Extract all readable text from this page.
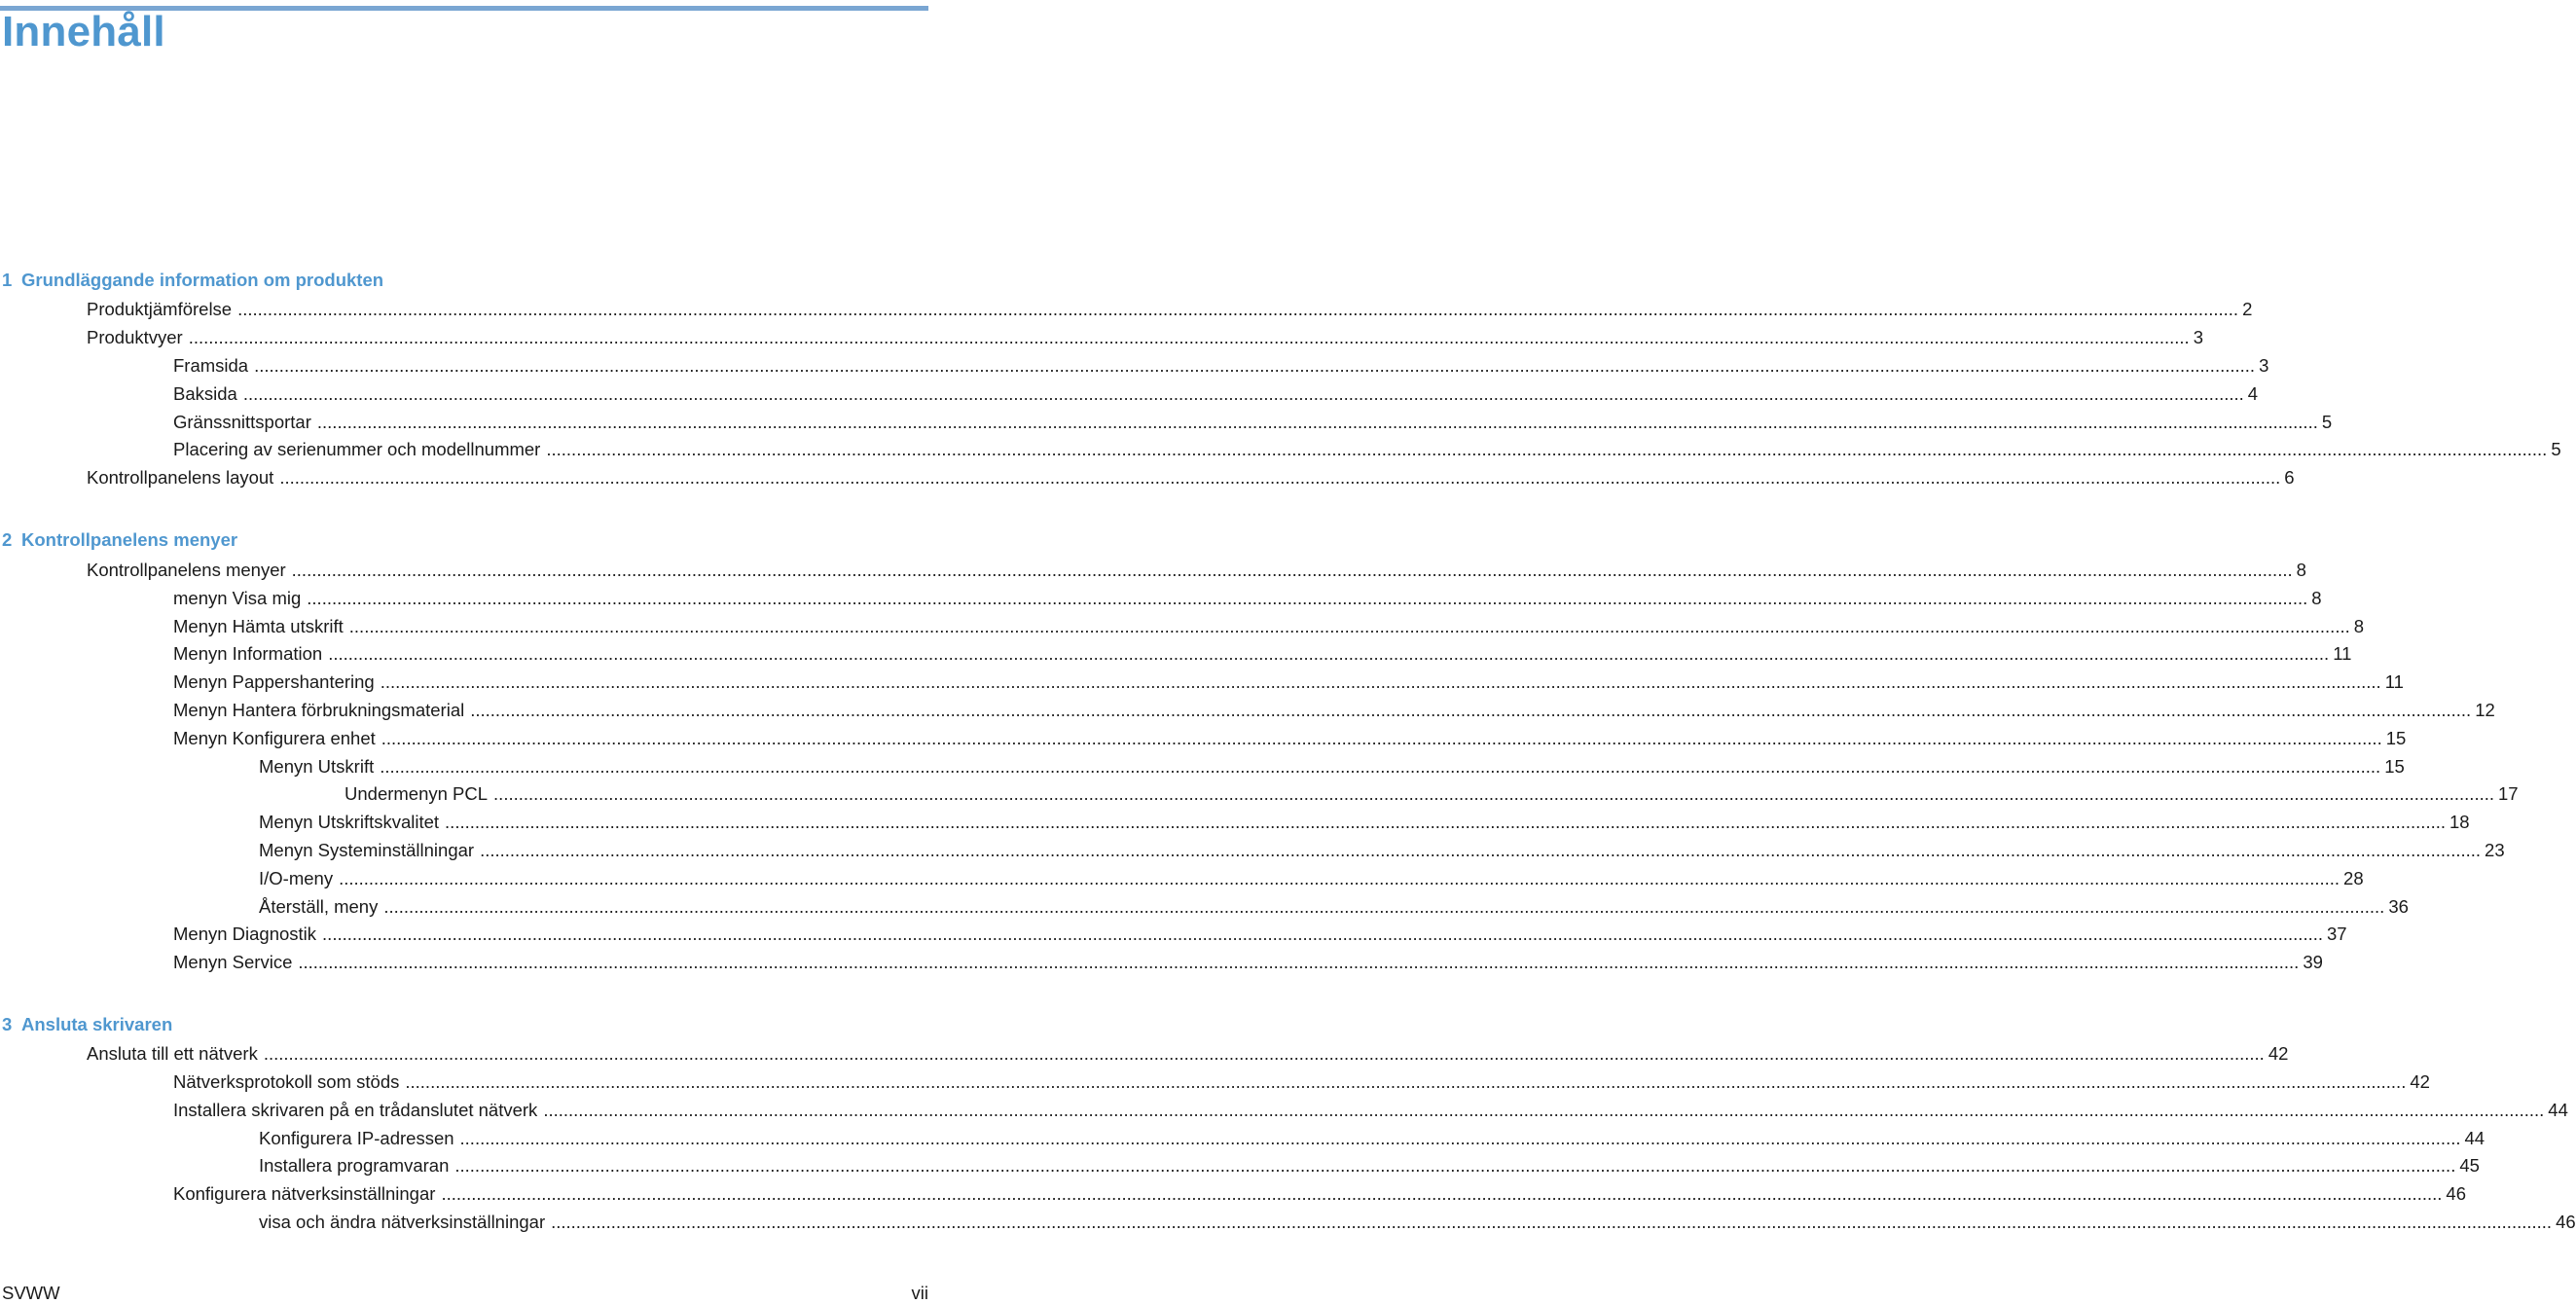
Innehåll
1 Grundläggande information om produkten
Produktjämförelse ................................................................................................................................................................................................................................................................................................................................................................................................................ 2
Produktvyer ................................................................................................................................................................................................................................................................................................................................................................................................................ 3
Framsida ................................................................................................................................................................................................................................................................................................................................................................................................................ 3
Baksida ................................................................................................................................................................................................................................................................................................................................................................................................................ 4
Gränssnittsportar ................................................................................................................................................................................................................................................................................................................................................................................................................ 5
Placering av serienummer och modellnummer ................................................................................................................................................................................................................................................................................................................................................................................................................ 5
Kontrollpanelens layout ................................................................................................................................................................................................................................................................................................................................................................................................................ 6
2 Kontrollpanelens menyer
Kontrollpanelens menyer ................................................................................................................................................................................................................................................................................................................................................................................................................ 8
menyn Visa mig ................................................................................................................................................................................................................................................................................................................................................................................................................ 8
Menyn Hämta utskrift ................................................................................................................................................................................................................................................................................................................................................................................................................ 8
Menyn Information ................................................................................................................................................................................................................................................................................................................................................................................................................ 11
Menyn Pappershantering ................................................................................................................................................................................................................................................................................................................................................................................................................ 11
Menyn Hantera förbrukningsmaterial ................................................................................................................................................................................................................................................................................................................................................................................................................ 12
Menyn Konfigurera enhet ................................................................................................................................................................................................................................................................................................................................................................................................................ 15
Menyn Utskrift ................................................................................................................................................................................................................................................................................................................................................................................................................ 15
Undermenyn PCL ................................................................................................................................................................................................................................................................................................................................................................................................................ 17
Menyn Utskriftskvalitet ................................................................................................................................................................................................................................................................................................................................................................................................................ 18
Menyn Systeminställningar ................................................................................................................................................................................................................................................................................................................................................................................................................ 23
I/O-meny ................................................................................................................................................................................................................................................................................................................................................................................................................ 28
Återställ, meny ................................................................................................................................................................................................................................................................................................................................................................................................................ 36
Menyn Diagnostik ................................................................................................................................................................................................................................................................................................................................................................................................................ 37
Menyn Service ................................................................................................................................................................................................................................................................................................................................................................................................................ 39
3 Ansluta skrivaren
Ansluta till ett nätverk ................................................................................................................................................................................................................................................................................................................................................................................................................ 42
Nätverksprotokoll som stöds ................................................................................................................................................................................................................................................................................................................................................................................................................ 42
Installera skrivaren på en trådanslutet nätverk ................................................................................................................................................................................................................................................................................................................................................................................................................ 44
Konfigurera IP-adressen ................................................................................................................................................................................................................................................................................................................................................................................................................ 44
Installera programvaran ................................................................................................................................................................................................................................................................................................................................................................................................................ 45
Konfigurera nätverksinställningar ................................................................................................................................................................................................................................................................................................................................................................................................................ 46
visa och ändra nätverksinställningar ................................................................................................................................................................................................................................................................................................................................................................................................................ 46
SVWW	vii
